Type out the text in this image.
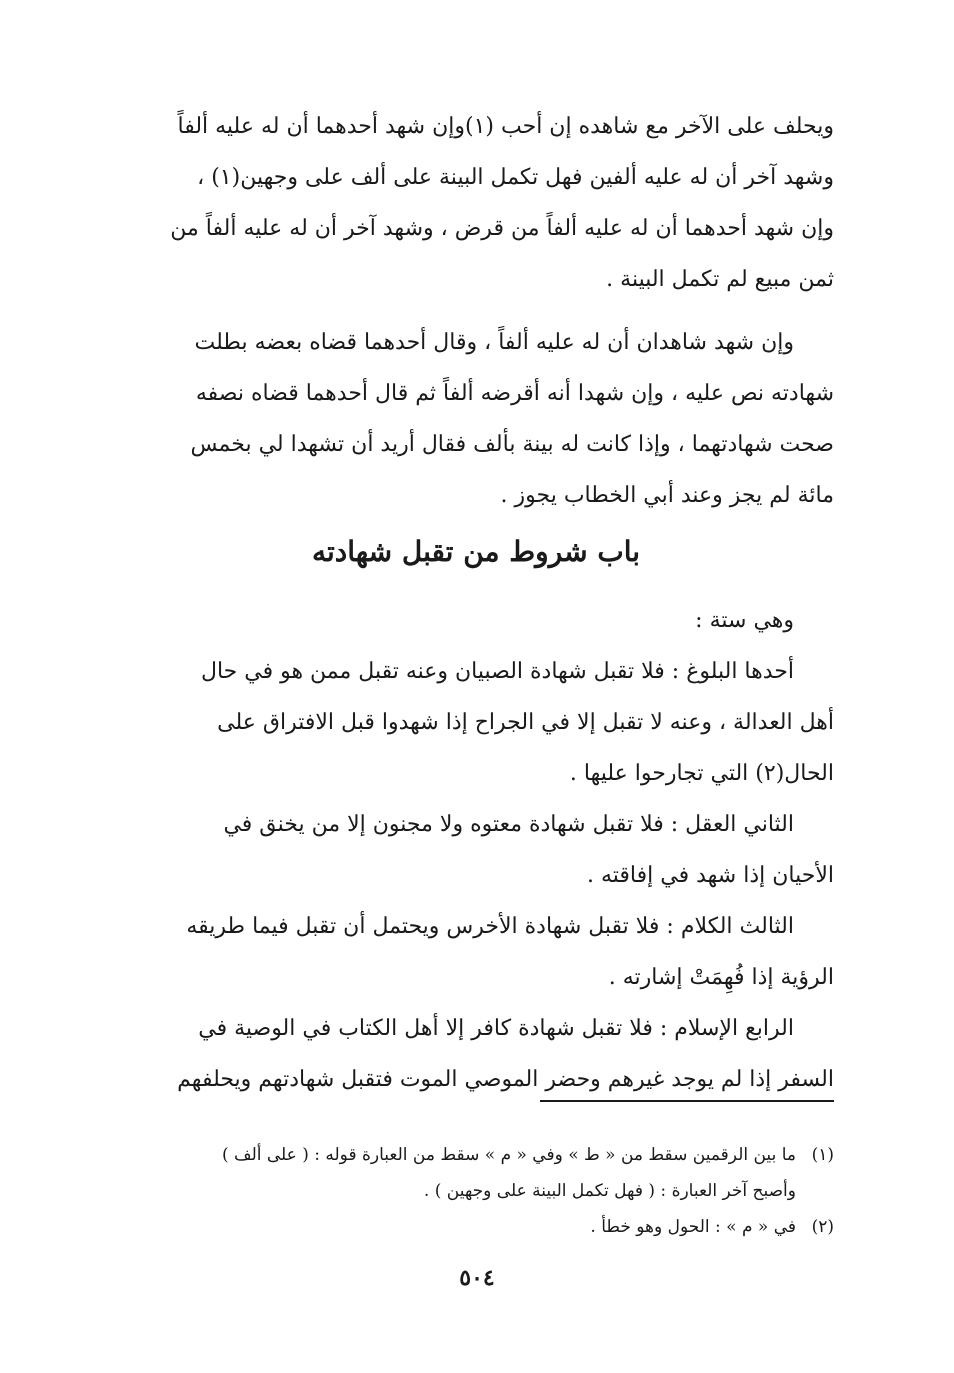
ويحلف على الآخر مع شاهده إن أحب (١)وإن شهد أحدهما أن له عليه ألفاً
وشهد آخر أن له عليه ألفين فهل تكمل البينة على ألف على وجهين(١) ،
وإن شهد أحدهما أن له عليه ألفاً من قرض ، وشهد آخر أن له عليه ألفاً من
ثمن مبيع لم تكمل البينة .
وإن شهد شاهدان أن له عليه ألفاً ، وقال أحدهما قضاه بعضه بطلت
شهادته نص عليه ، وإن شهدا أنه أقرضه ألفاً ثم قال أحدهما قضاه نصفه
صحت شهادتهما ، وإذا كانت له بينة بألف فقال أريد أن تشهدا لي بخمس
مائة لم يجز وعند أبي الخطاب يجوز .
باب شروط من تقبل شهادته
وهي ستة :
أحدها البلوغ : فلا تقبل شهادة الصبيان وعنه تقبل ممن هو في حال
أهل العدالة ، وعنه لا تقبل إلا في الجراح إذا شهدوا قبل الافتراق على
الحال(٢) التي تجارحوا عليها .
الثاني العقل : فلا تقبل شهادة معتوه ولا مجنون إلا من يخنق في
الأحيان إذا شهد في إفاقته .
الثالث الكلام : فلا تقبل شهادة الأخرس ويحتمل أن تقبل فيما طريقه
الرؤية إذا فُهِمَتْ إشارته .
الرابع الإسلام : فلا تقبل شهادة كافر إلا أهل الكتاب في الوصية في
السفر إذا لم يوجد غيرهم وحضر الموصي الموت فتقبل شهادتهم ويحلفهم
(١)ما بين الرقمين سقط من « ط » وفي « م » سقط من العبارة قوله : ( على ألف )
وأصبح آخر العبارة : ( فهل تكمل البينة على وجهين ) .
(٢)في « م » : الحول وهو خطأ .
٥٠٤
